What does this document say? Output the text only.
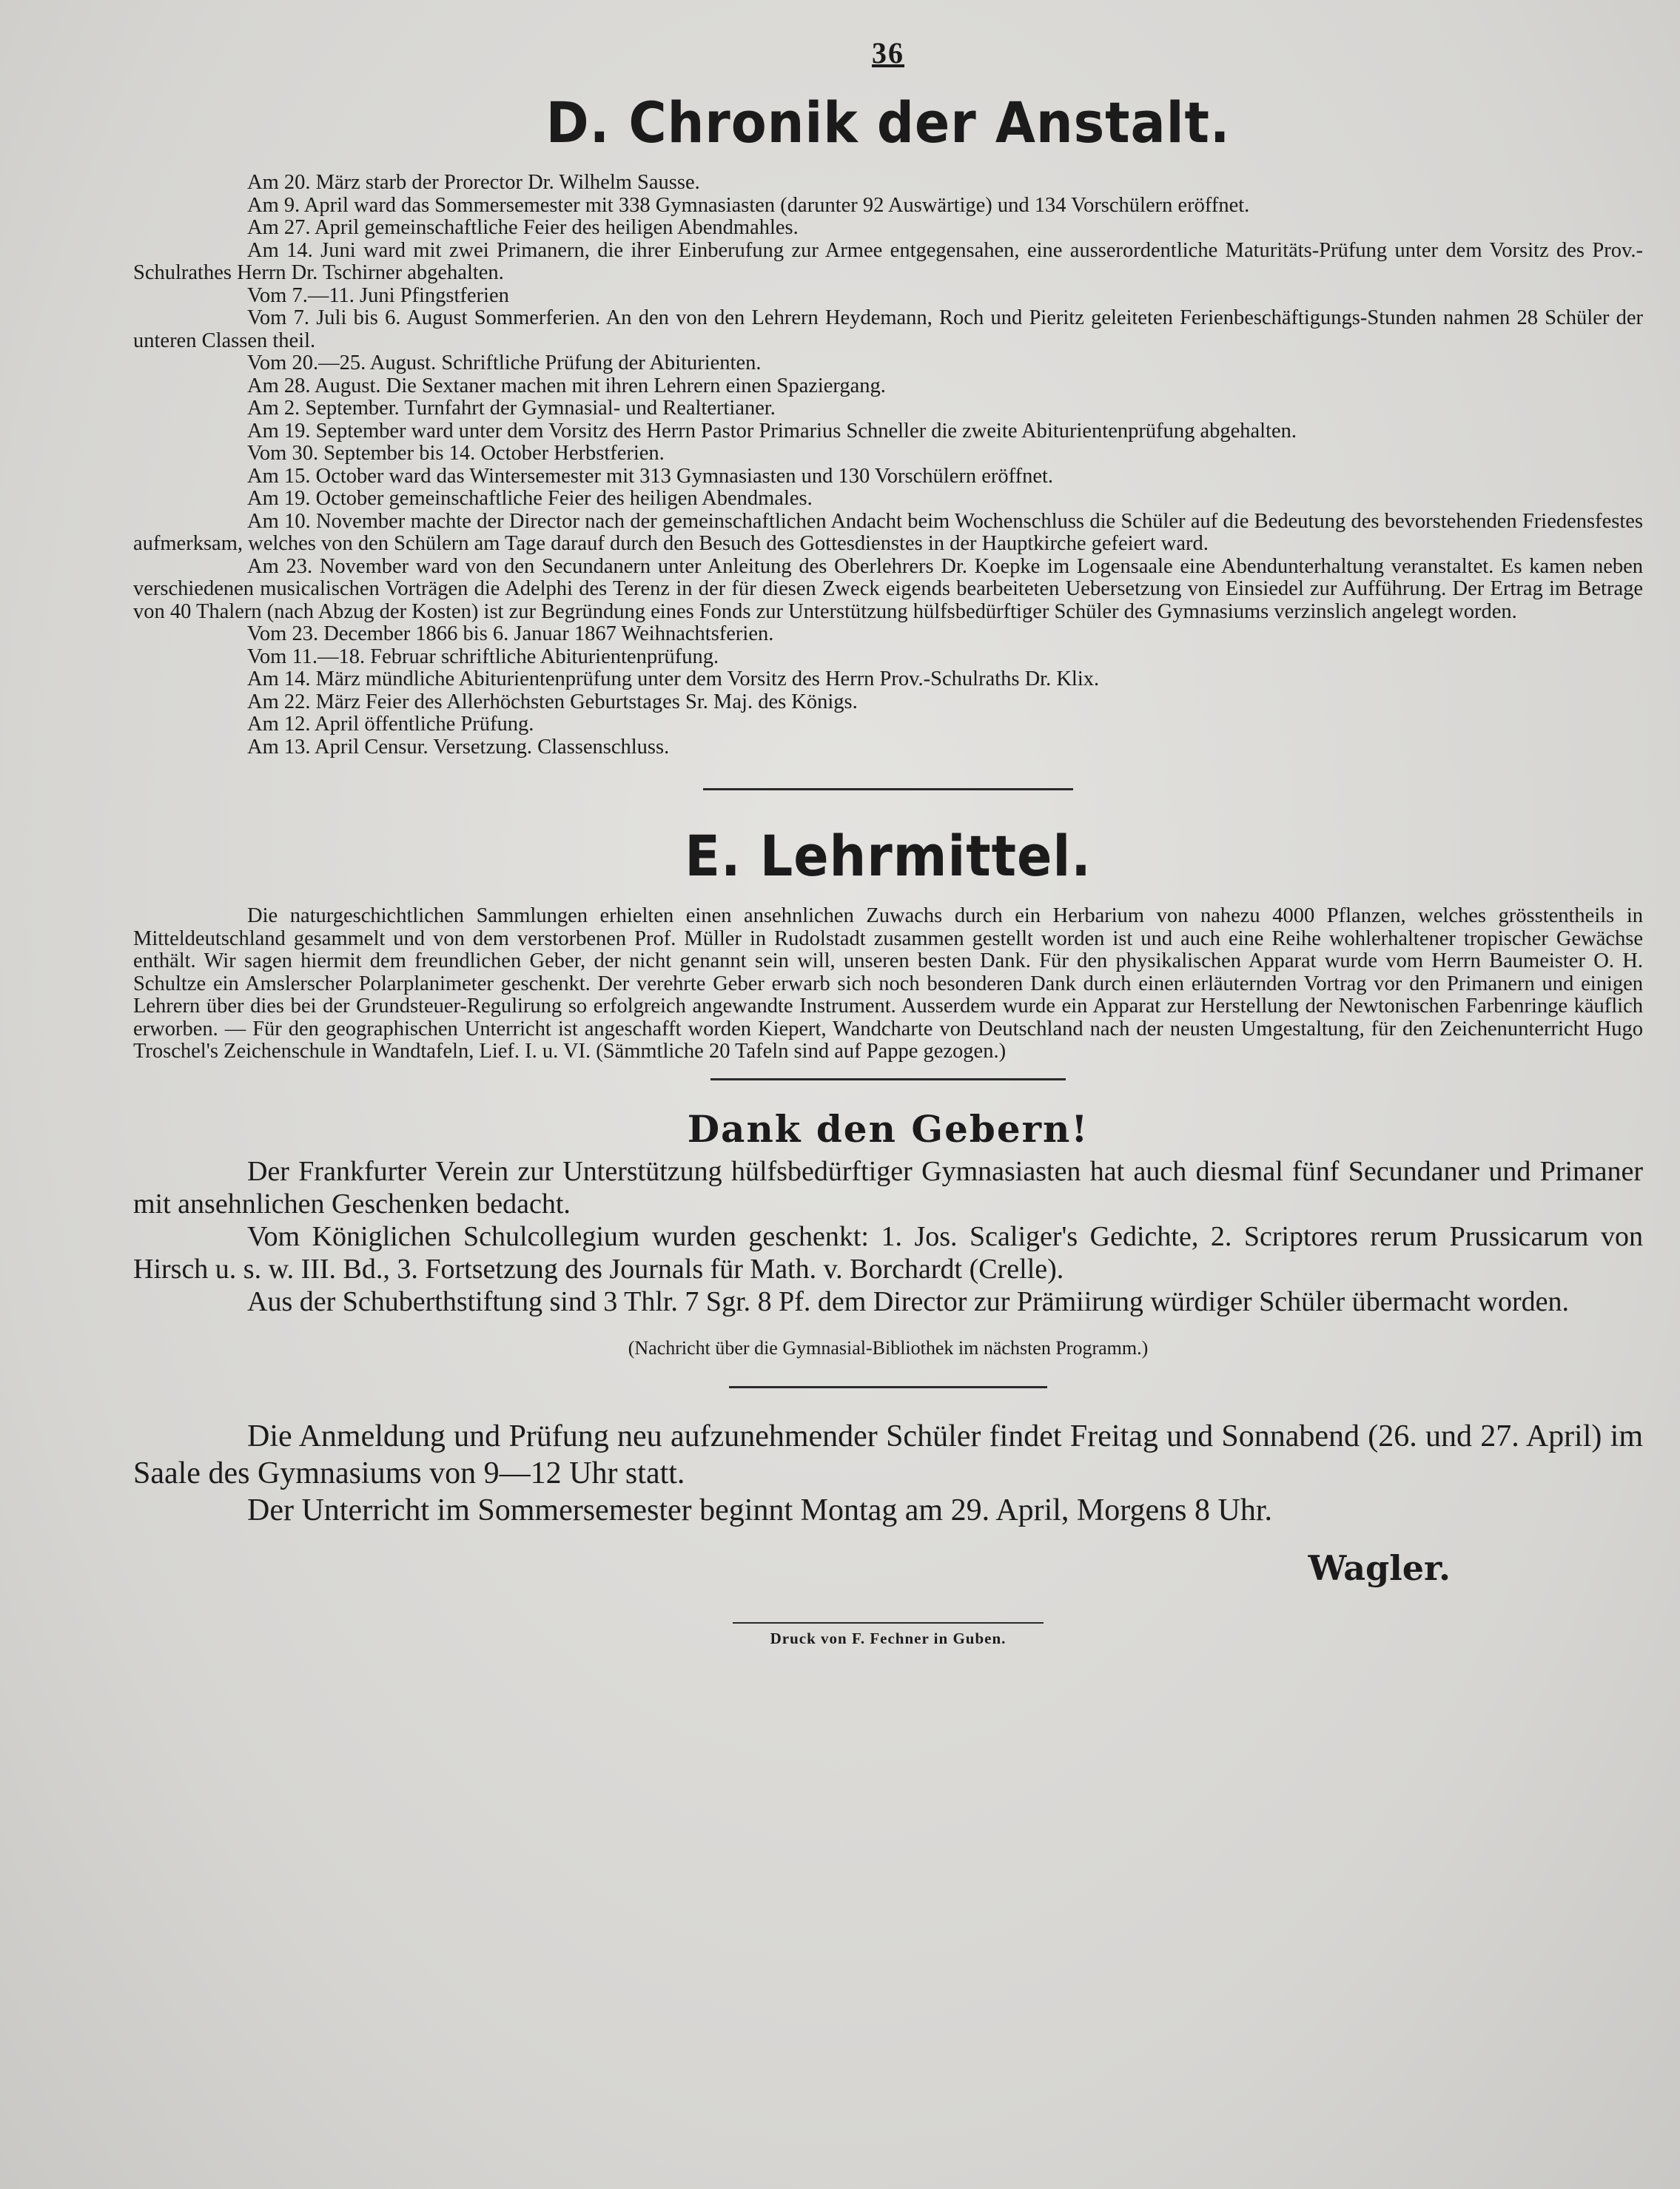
36
D. Chronik der Anstalt.

Am 20. März starb der Prorector Dr. Wilhelm Sausse.

Am 9. April ward das Sommersemester mit 338 Gymnasiasten (darunter 92 Auswärtige) und 134 Vorschülern eröffnet.

Am 27. April gemeinschaftliche Feier des heiligen Abendmahles.

Am 14. Juni ward mit zwei Primanern, die ihrer Einberufung zur Armee entgegensahen, eine ausserordentliche Maturitäts-Prüfung unter dem Vorsitz des Prov.-Schulrathes Herrn Dr. Tschirner abgehalten.

Vom 7.—11. Juni Pfingstferien

Vom 7. Juli bis 6. August Sommerferien. An den von den Lehrern Heydemann, Roch und Pieritz geleiteten Ferienbeschäftigungs-Stunden nahmen 28 Schüler der unteren Classen theil.

Vom 20.—25. August. Schriftliche Prüfung der Abiturienten.

Am 28. August. Die Sextaner machen mit ihren Lehrern einen Spaziergang.

Am 2. September. Turnfahrt der Gymnasial- und Realtertianer.

Am 19. September ward unter dem Vorsitz des Herrn Pastor Primarius Schneller die zweite Abiturientenprüfung abgehalten.

Vom 30. September bis 14. October Herbstferien.

Am 15. October ward das Wintersemester mit 313 Gymnasiasten und 130 Vorschülern eröffnet.

Am 19. October gemeinschaftliche Feier des heiligen Abendmales.

Am 10. November machte der Director nach der gemeinschaftlichen Andacht beim Wochenschluss die Schüler auf die Bedeutung des bevorstehenden Friedensfestes aufmerksam, welches von den Schülern am Tage darauf durch den Besuch des Gottesdienstes in der Hauptkirche gefeiert ward.

Am 23. November ward von den Secundanern unter Anleitung des Oberlehrers Dr. Koepke im Logensaale eine Abendunterhaltung veranstaltet. Es kamen neben verschiedenen musicalischen Vorträgen die Adelphi des Terenz in der für diesen Zweck eigends bearbeiteten Uebersetzung von Einsiedel zur Aufführung. Der Ertrag im Betrage von 40 Thalern (nach Abzug der Kosten) ist zur Begründung eines Fonds zur Unterstützung hülfsbedürftiger Schüler des Gymnasiums verzinslich angelegt worden.

Vom 23. December 1866 bis 6. Januar 1867 Weihnachtsferien.

Vom 11.—18. Februar schriftliche Abiturientenprüfung.

Am 14. März mündliche Abiturientenprüfung unter dem Vorsitz des Herrn Prov.-Schulraths Dr. Klix.

Am 22. März Feier des Allerhöchsten Geburtstages Sr. Maj. des Königs.

Am 12. April öffentliche Prüfung.

Am 13. April Censur. Versetzung. Classenschluss.

E. Lehrmittel.

Die naturgeschichtlichen Sammlungen erhielten einen ansehnlichen Zuwachs durch ein Herbarium von nahezu 4000 Pflanzen, welches grösstentheils in Mitteldeutschland gesammelt und von dem verstorbenen Prof. Müller in Rudolstadt zusammen gestellt worden ist und auch eine Reihe wohlerhaltener tropischer Gewächse enthält. Wir sagen hiermit dem freundlichen Geber, der nicht genannt sein will, unseren besten Dank. Für den physikalischen Apparat wurde vom Herrn Baumeister O. H. Schultze ein Amslerscher Polarplanimeter geschenkt. Der verehrte Geber erwarb sich noch besonderen Dank durch einen erläuternden Vortrag vor den Primanern und einigen Lehrern über dies bei der Grundsteuer-Regulirung so erfolgreich angewandte Instrument. Ausserdem wurde ein Apparat zur Herstellung der Newtonischen Farbenringe käuflich erworben. — Für den geographischen Unterricht ist angeschafft worden Kiepert, Wandcharte von Deutschland nach der neusten Umgestaltung, für den Zeichenunterricht Hugo Troschel's Zeichenschule in Wandtafeln, Lief. I. u. VI. (Sämmtliche 20 Tafeln sind auf Pappe gezogen.)

Dank den Gebern!

Der Frankfurter Verein zur Unterstützung hülfsbedürftiger Gymnasiasten hat auch diesmal fünf Secundaner und Primaner mit ansehnlichen Geschenken bedacht.

Vom Königlichen Schulcollegium wurden geschenkt: 1. Jos. Scaliger's Gedichte, 2. Scriptores rerum Prussicarum von Hirsch u. s. w. III. Bd., 3. Fortsetzung des Journals für Math. v. Borchardt (Crelle).

Aus der Schuberthstiftung sind 3 Thlr. 7 Sgr. 8 Pf. dem Director zur Prämiirung würdiger Schüler übermacht worden.

(Nachricht über die Gymnasial-Bibliothek im nächsten Programm.)

Die Anmeldung und Prüfung neu aufzunehmender Schüler findet Freitag und Sonnabend (26. und 27. April) im Saale des Gymnasiums von 9—12 Uhr statt.

Der Unterricht im Sommersemester beginnt Montag am 29. April, Morgens 8 Uhr.

Wagler.
Druck von F. Fechner in Guben.
